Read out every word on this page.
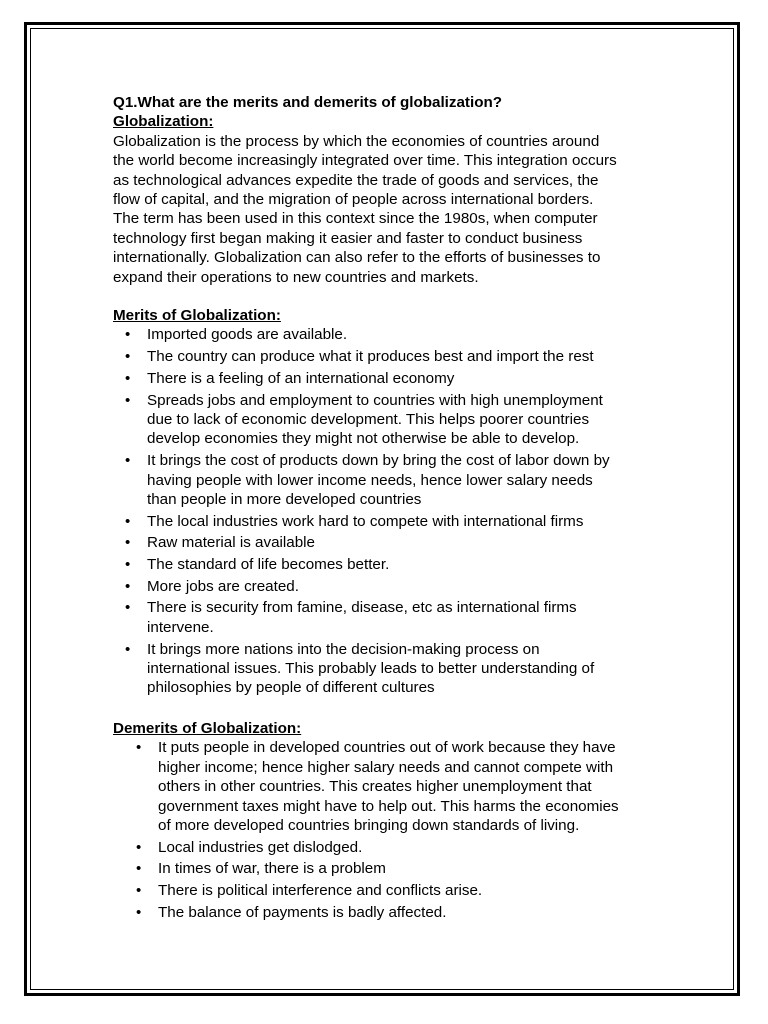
Q1.What are the merits and demerits of globalization?

Globalization:

Globalization is the process by which the economies of countries around
the world become increasingly integrated over time. This integration occurs
as technological advances expedite the trade of goods and services, the
flow of capital, and the migration of people across international borders.
The term has been used in this context since the 1980s, when computer
technology first began making it easier and faster to conduct business
internationally. Globalization can also refer to the efforts of businesses to
expand their operations to new countries and markets.

Merits of Globalization:

• Imported goods are available.
• The country can produce what it produces best and import the rest
• There is a feeling of an international economy
• Spreads jobs and employment to countries with high unemployment
due to lack of economic development. This helps poorer countries
develop economies they might not otherwise be able to develop.
• It brings the cost of products down by bring the cost of labor down by
having people with lower income needs, hence lower salary needs
than people in more developed countries
• The local industries work hard to compete with international firms
• Raw material is available
• The standard of life becomes better.
• More jobs are created.
• There is security from famine, disease, etc as international firms
intervene.
• It brings more nations into the decision-making process on
international issues. This probably leads to better understanding of
philosophies by people of different cultures

Demerits of Globalization:

• It puts people in developed countries out of work because they have
higher income; hence higher salary needs and cannot compete with
others in other countries. This creates higher unemployment that
government taxes might have to help out. This harms the economies
of more developed countries bringing down standards of living.
• Local industries get dislodged.
• In times of war, there is a problem
• There is political interference and conflicts arise.
• The balance of payments is badly affected.
